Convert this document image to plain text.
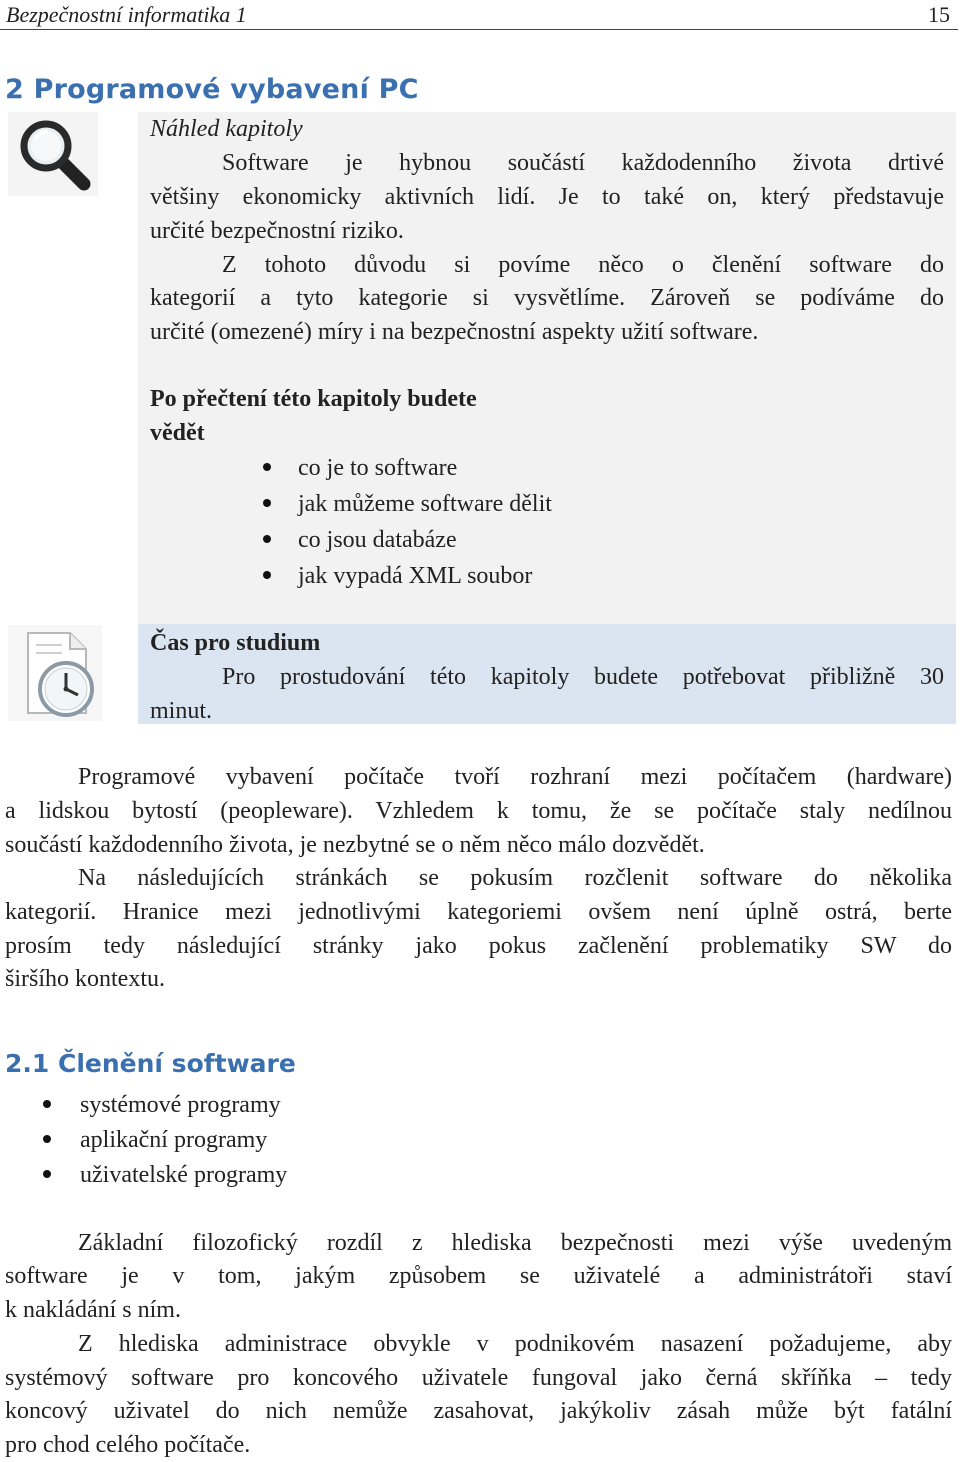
Bezpečnostní informatika 1	15
2 Programové vybavení PC
Náhled kapitoly
Software je hybnou součástí každodenního života drtivé
většiny ekonomicky aktivních lidí. Je to také on, který představuje
určité bezpečnostní riziko.
Z tohoto důvodu si povíme něco o členění software do
kategorií a tyto kategorie si vysvětlíme. Zároveň se podíváme do
určité (omezené) míry i na bezpečnostní aspekty užití software.
Po přečtení této kapitoly budete
vědět
co je to software
jak můžeme software dělit
co jsou databáze
jak vypadá XML soubor
Čas pro studium
Pro prostudování této kapitoly budete potřebovat přibližně 30
minut.
Programové vybavení počítače tvoří rozhraní mezi počítačem (hardware)
a lidskou bytostí (peopleware). Vzhledem k tomu, že se počítače staly nedílnou
součástí každodenního života, je nezbytné se o něm něco málo dozvědět.
Na následujících stránkách se pokusím rozčlenit software do několika
kategorií. Hranice mezi jednotlivými kategoriemi ovšem není úplně ostrá, berte
prosím tedy následující stránky jako pokus začlenění problematiky SW do
širšího kontextu.
2.1 Členění software
systémové programy
aplikační programy
uživatelské programy
Základní filozofický rozdíl z hlediska bezpečnosti mezi výše uvedeným
software je v tom, jakým způsobem se uživatelé a administrátoři staví
k nakládání s ním.
Z hlediska administrace obvykle v podnikovém nasazení požadujeme, aby
systémový software pro koncového uživatele fungoval jako černá skříňka – tedy
koncový uživatel do nich nemůže zasahovat, jakýkoliv zásah může být fatální
pro chod celého počítače.
